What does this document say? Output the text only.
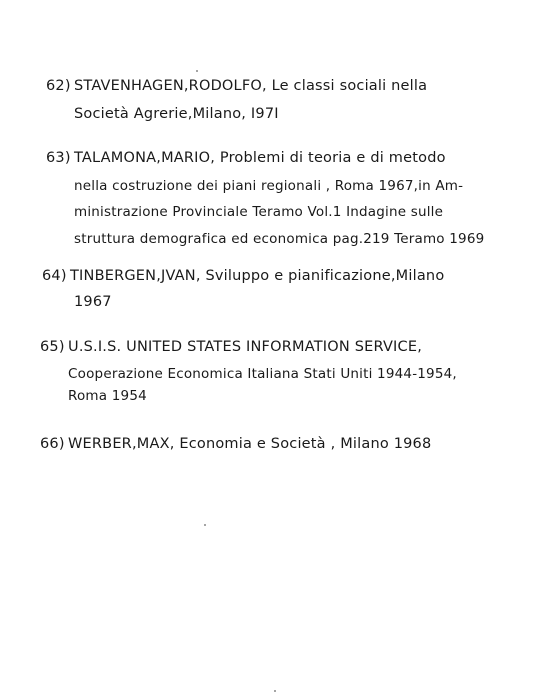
62) STAVENHAGEN,RODOLFO, Le classi sociali nella
Società Agrerie,Milano, I97I
63) TALAMONA,MARIO, Problemi di teoria e di metodo
nella costruzione dei piani regionali , Roma 1967,in Am-
ministrazione Provinciale Teramo Vol.1 Indagine sulle
struttura demografica ed economica pag.219 Teramo 1969
64) TINBERGEN,JVAN, Sviluppo e pianificazione,Milano
1967
65) U.S.I.S. UNITED STATES INFORMATION SERVICE,
Cooperazione Economica Italiana Stati Uniti 1944-1954,
Roma 1954
66) WERBER,MAX, Economia e Società , Milano 1968
